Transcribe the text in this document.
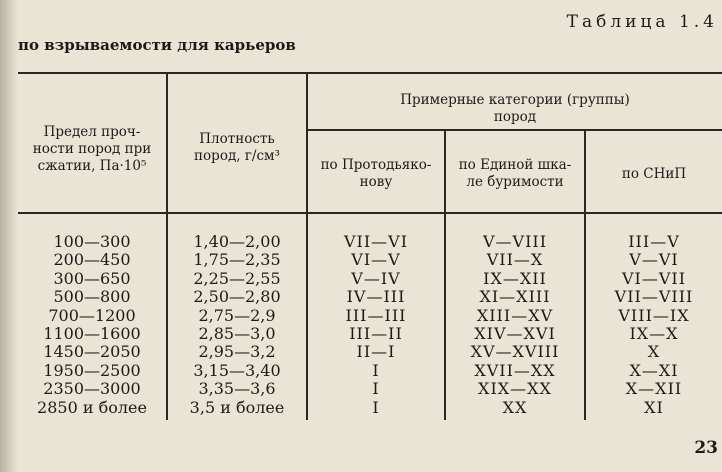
Таблица 1.4
по взрываемости для карьеров
Предел проч-
ности пород при
сжатии, Па·10⁵
Плотность
пород, г/см³
Примерные категории (группы)
пород
по Протодьяко-
нову
по Единой шка-
ле буримости	по СНиП
100—300
200—450
300—650
500—800
700—1200
1100—1600
1450—2050
1950—2500
2350—3000
2850 и более
1,40—2,00
1,75—2,35
2,25—2,55
2,50—2,80
2,75—2,9
2,85—3,0
2,95—3,2
3,15—3,40
3,35—3,6
3,5 и более
VII—VI
VI—V
V—IV
IV—III
III—III
III—II
II—I
I
I
I
V—VIII
VII—X
IX—XII
XI—XIII
XIII—XV
XIV—XVI
XV—XVIII
XVII—XX
XIX—XX
XX
III—V
V—VI
VI—VII
VII—VIII
VIII—IX
IX—X
X
X—XI
X—XII
XI
23
